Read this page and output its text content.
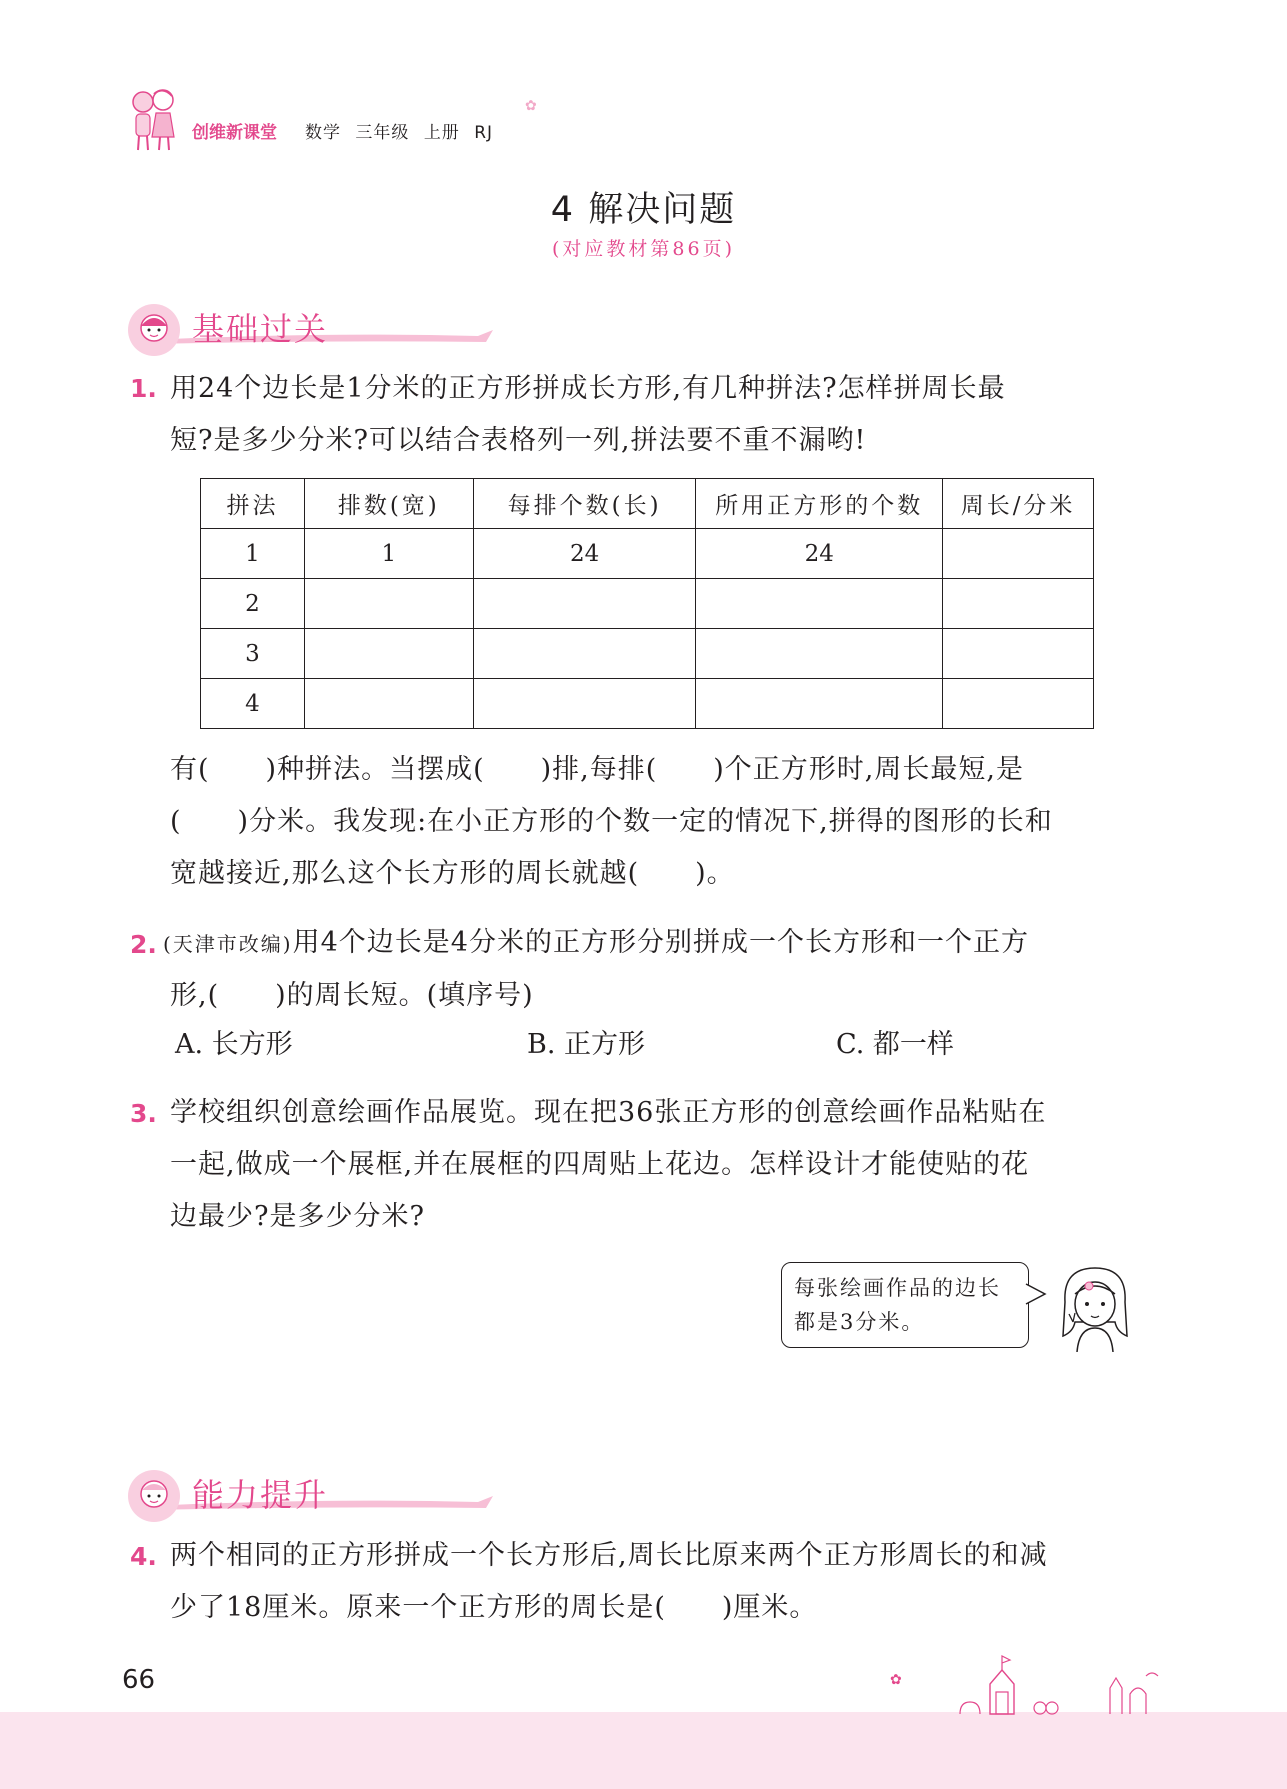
创维新课堂 数学 三年级 上册 RJ
✿
4 解决问题
(对应教材第86页)
基础过关
1. 用24个边长是1分米的正方形拼成长方形,有几种拼法?怎样拼周长最
短?是多少分米?可以结合表格列一列,拼法要不重不漏哟!
拼法	排数(宽)	每排个数(长)	所用正方形的个数	周长/分米
1	1	24	24	
2				
3				
4				
有(　　)种拼法。当摆成(　　)排,每排(　　)个正方形时,周长最短,是
(　　)分米。我发现:在小正方形的个数一定的情况下,拼得的图形的长和
宽越接近,那么这个长方形的周长就越(　　)。
2. (天津市改编)用4个边长是4分米的正方形分别拼成一个长方形和一个正方
形,(　　)的周长短。(填序号)
A. 长方形	B. 正方形	C. 都一样
3. 学校组织创意绘画作品展览。现在把36张正方形的创意绘画作品粘贴在
一起,做成一个展框,并在展框的四周贴上花边。怎样设计才能使贴的花
边最少?是多少分米?
每张绘画作品的边长
都是3分米。
能力提升
4. 两个相同的正方形拼成一个长方形后,周长比原来两个正方形周长的和减
少了18厘米。原来一个正方形的周长是(　　)厘米。
66	✿
